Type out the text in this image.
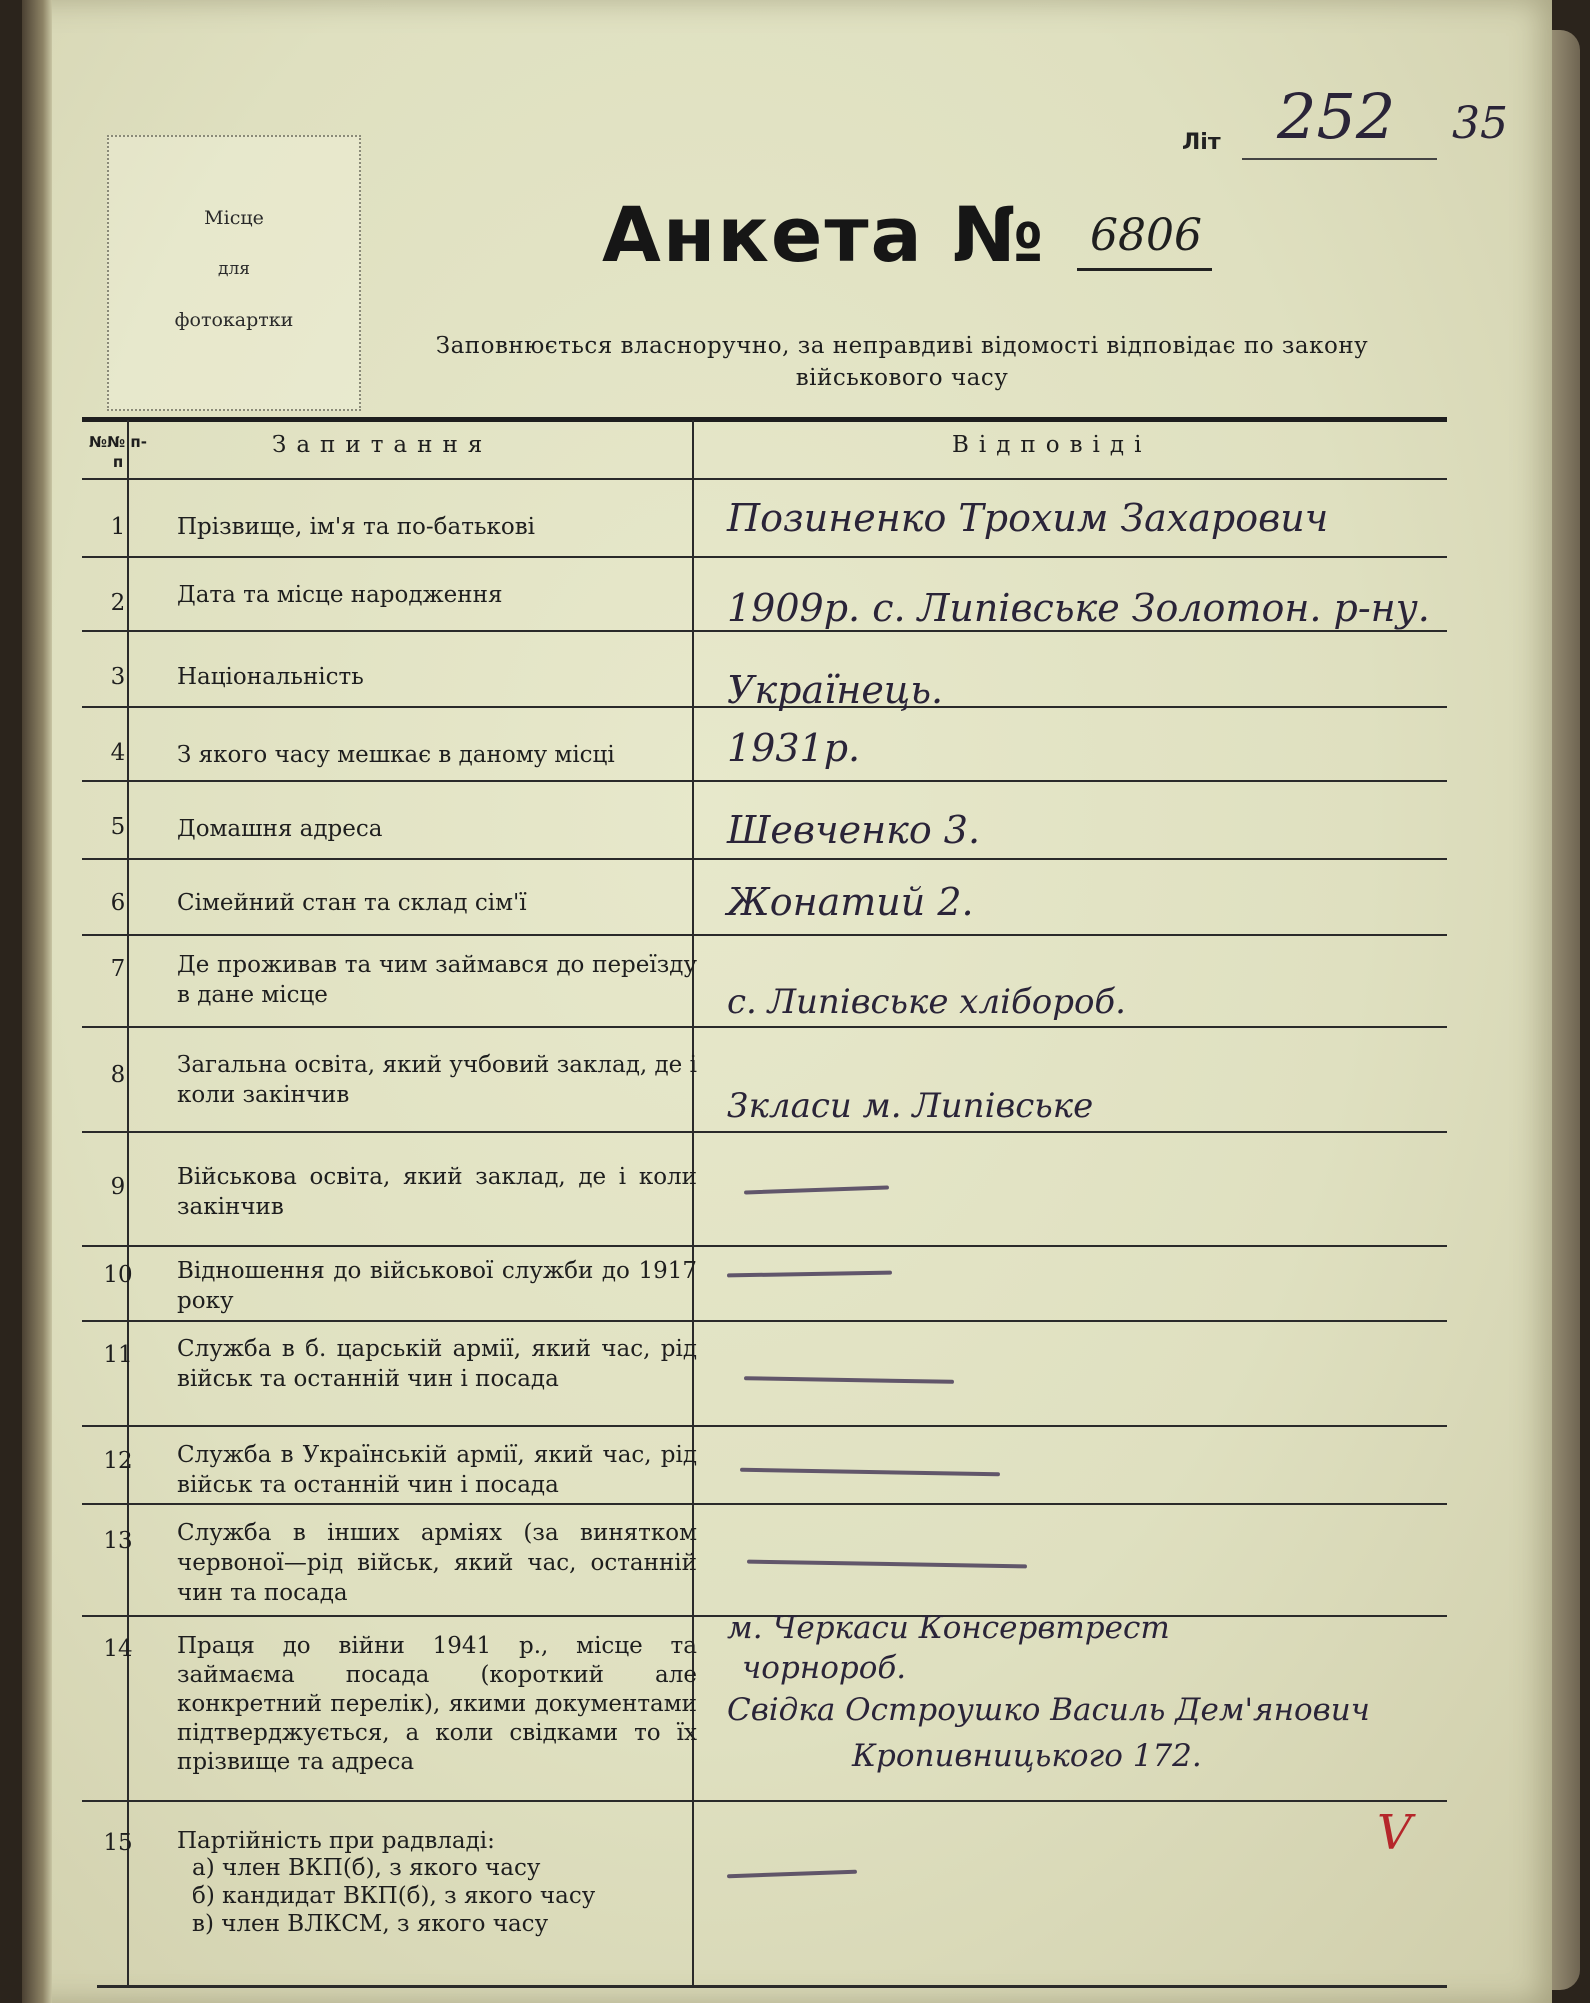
Місце
для
фотокартки
Літ 252 35
Анкета № 6806
Заповнюється власноручно, за неправдиві відомості відповідає по закону
військового часу
№№ п-п
Запитання	Відповіді
1	Прізвище, ім'я та по-батькові	Позиненко Трохим Захарович
2	Дата та місце народження	1909р. с. Липівське Золотон. р-ну.
3	Національність	Українець.
4	З якого часу мешкає в даному місці	1931р.
5	Домашня адреса	Шевченко 3.
6	Сімейний стан та склад сім'ї	Жонатий 2.
7	Де проживав та чим займався до переїзду в дане місце	с. Липівське хлібороб.
8	Загальна освіта, який учбовий заклад, де і коли закінчив	3класи м. Липівське
9	Військова освіта, який заклад, де і коли закінчив
10	Відношення до військової служби до 1917 року
11	Служба в б. царській армії, який час, рід військ та останній чин і посада
12	Служба в Українській армії, який час, рід військ та останній чин і посада
13	Служба в інших арміях (за винятком червоної—рід військ, який час, останній чин та посада
14	Праця до війни 1941 р., місце та займаєма посада (короткий але конкретний перелік), якими документами підтверджується, а коли свідками то їх прізвище та адреса
м. Черкаси Консервтрест
чорнороб.
Свідка Остроушко Василь Дем'янович
Кропивницького 172.
15	Партійність при радвладі:
а) член ВКП(б), з якого часу
б) кандидат ВКП(б), з якого часу
в) член ВЛКСМ, з якого часу
V
